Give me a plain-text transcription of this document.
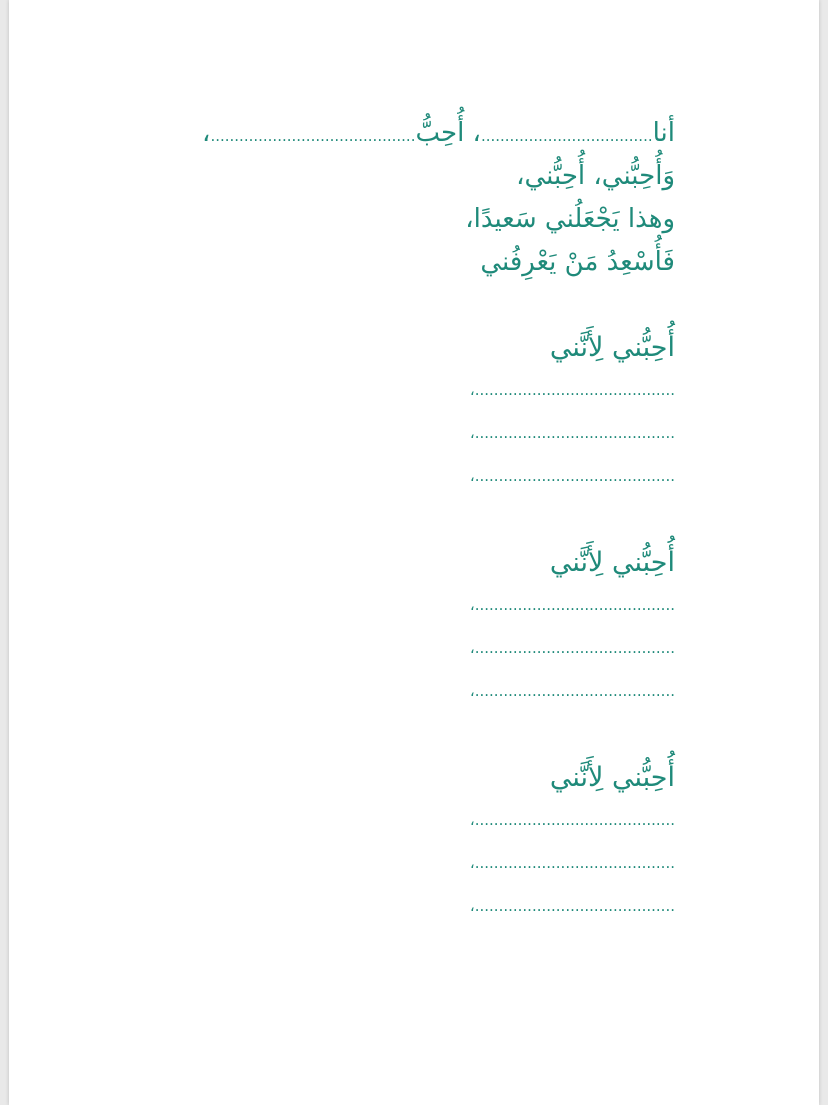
أنا....................................، أُحِبُّ...........................................،
وَأُحِبُّني، أُحِبُّني،
وهذا يَجْعَلُني سَعيدًا،
فَأُسْعِدُ مَنْ يَعْرِفُني
أُحِبُّني لِأَنَّني
..........................................،
..........................................،
..........................................،
أُحِبُّني لِأَنَّني
..........................................،
..........................................،
..........................................،
أُحِبُّني لِأَنَّني
..........................................،
..........................................،
..........................................،
